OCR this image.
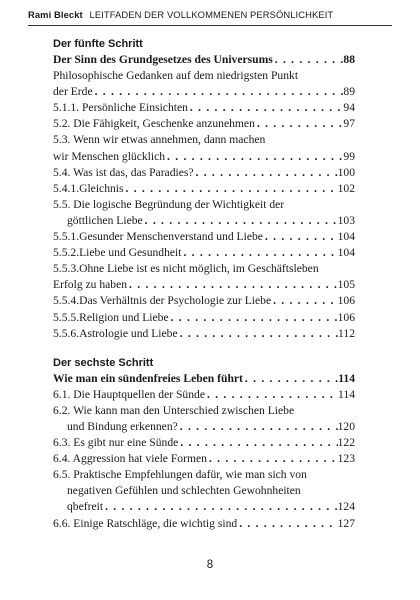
Rami Bleckt LEITFADEN DER VOLLKOMMENEN PERSÖNLICHKEIT
Der fünfte Schritt
Der Sinn des Grundgesetzes des Universums . . .	88
Philosophische Gedanken auf dem niedrigsten Punkt
der Erde . . .	89
5.1.1. Persönliche Einsichten . . .	94
5.2. Die Fähigkeit, Geschenke anzunehmen . . .	97
5.3. Wenn wir etwas annehmen, dann machen
wir Menschen glücklich . . .	99
5.4. Was ist das, das Paradies? . . .	100
5.4.1.Gleichnis . . .	102
5.5. Die logische Begründung der Wichtigkeit der
göttlichen Liebe . . .	103
5.5.1.Gesunder Menschenverstand und Liebe . . .	104
5.5.2.Liebe und Gesundheit . . .	104
5.5.3.Ohne Liebe ist es nicht möglich, im Geschäftsleben
Erfolg zu haben . . .	105
5.5.4.Das Verhältnis der Psychologie zur Liebe . . .	106
5.5.5.Religion und Liebe . . .	106
5.5.6.Astrologie und Liebe . . .	112
Der sechste Schritt
Wie man ein sündenfreies Leben führt . . .	114
6.1. Die Hauptquellen der Sünde . . .	114
6.2. Wie kann man den Unterschied zwischen Liebe
und Bindung erkennen? . . .	120
6.3. Es gibt nur eine Sünde . . .	122
6.4. Aggression hat viele Formen . . .	123
6.5. Praktische Empfehlungen dafür, wie man sich von
negativen Gefühlen und schlechten Gewohnheiten
qbefreit . . .	124
6.6. Einige Ratschläge, die wichtig sind . . .	127
8
